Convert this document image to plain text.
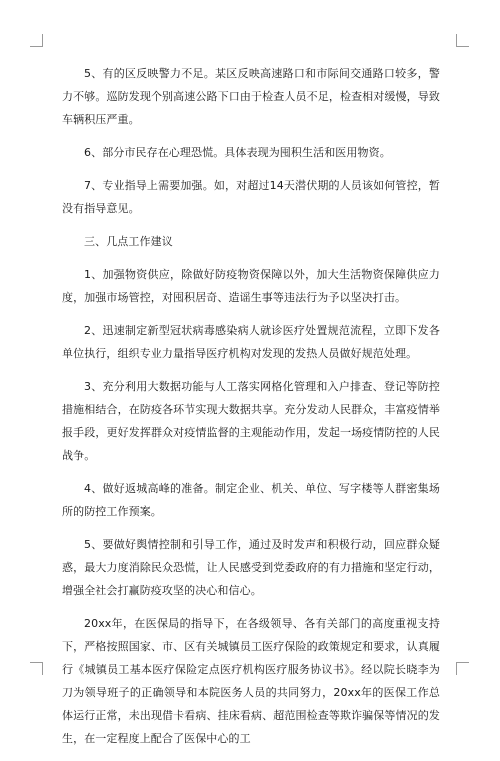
5、有的区反映警力不足。某区反映高速路口和市际间交通路口较多，警力不够。巡防发现个别高速公路下口由于检查人员不足，检查相对缓慢，导致车辆积压严重。

6、部分市民存在心理恐慌。具体表现为囤积生活和医用物资。

7、专业指导上需要加强。如，对超过14天潜伏期的人员该如何管控，暂没有指导意见。

三、几点工作建议

1、加强物资供应，除做好防疫物资保障以外，加大生活物资保障供应力度，加强市场管控，对囤积居奇、造谣生事等违法行为予以坚决打击。

2、迅速制定新型冠状病毒感染病人就诊医疗处置规范流程，立即下发各单位执行，组织专业力量指导医疗机构对发现的发热人员做好规范处理。

3、充分利用大数据功能与人工落实网格化管理和入户排查、登记等防控措施相结合，在防疫各环节实现大数据共享。充分发动人民群众，丰富疫情举报手段，更好发挥群众对疫情监督的主观能动作用，发起一场疫情防控的人民战争。

4、做好返城高峰的准备。制定企业、机关、单位、写字楼等人群密集场所的防控工作预案。

5、要做好舆情控制和引导工作，通过及时发声和积极行动，回应群众疑惑，最大力度消除民众恐慌，让人民感受到党委政府的有力措施和坚定行动，增强全社会打赢防疫攻坚的决心和信心。

20xx年，在医保局的指导下，在各级领导、各有关部门的高度重视支持下，严格按照国家、市、区有关城镇员工医疗保险的政策规定和要求，认真履行《城镇员工基本医疗保险定点医疗机构医疗服务协议书》。经以院长晓李为刀为领导班子的正确领导和本院医务人员的共同努力，20xx年的医保工作总体运行正常，未出现借卡看病、挂床看病、超范围检查等欺诈骗保等情况的发生，在一定程度上配合了医保中心的工
